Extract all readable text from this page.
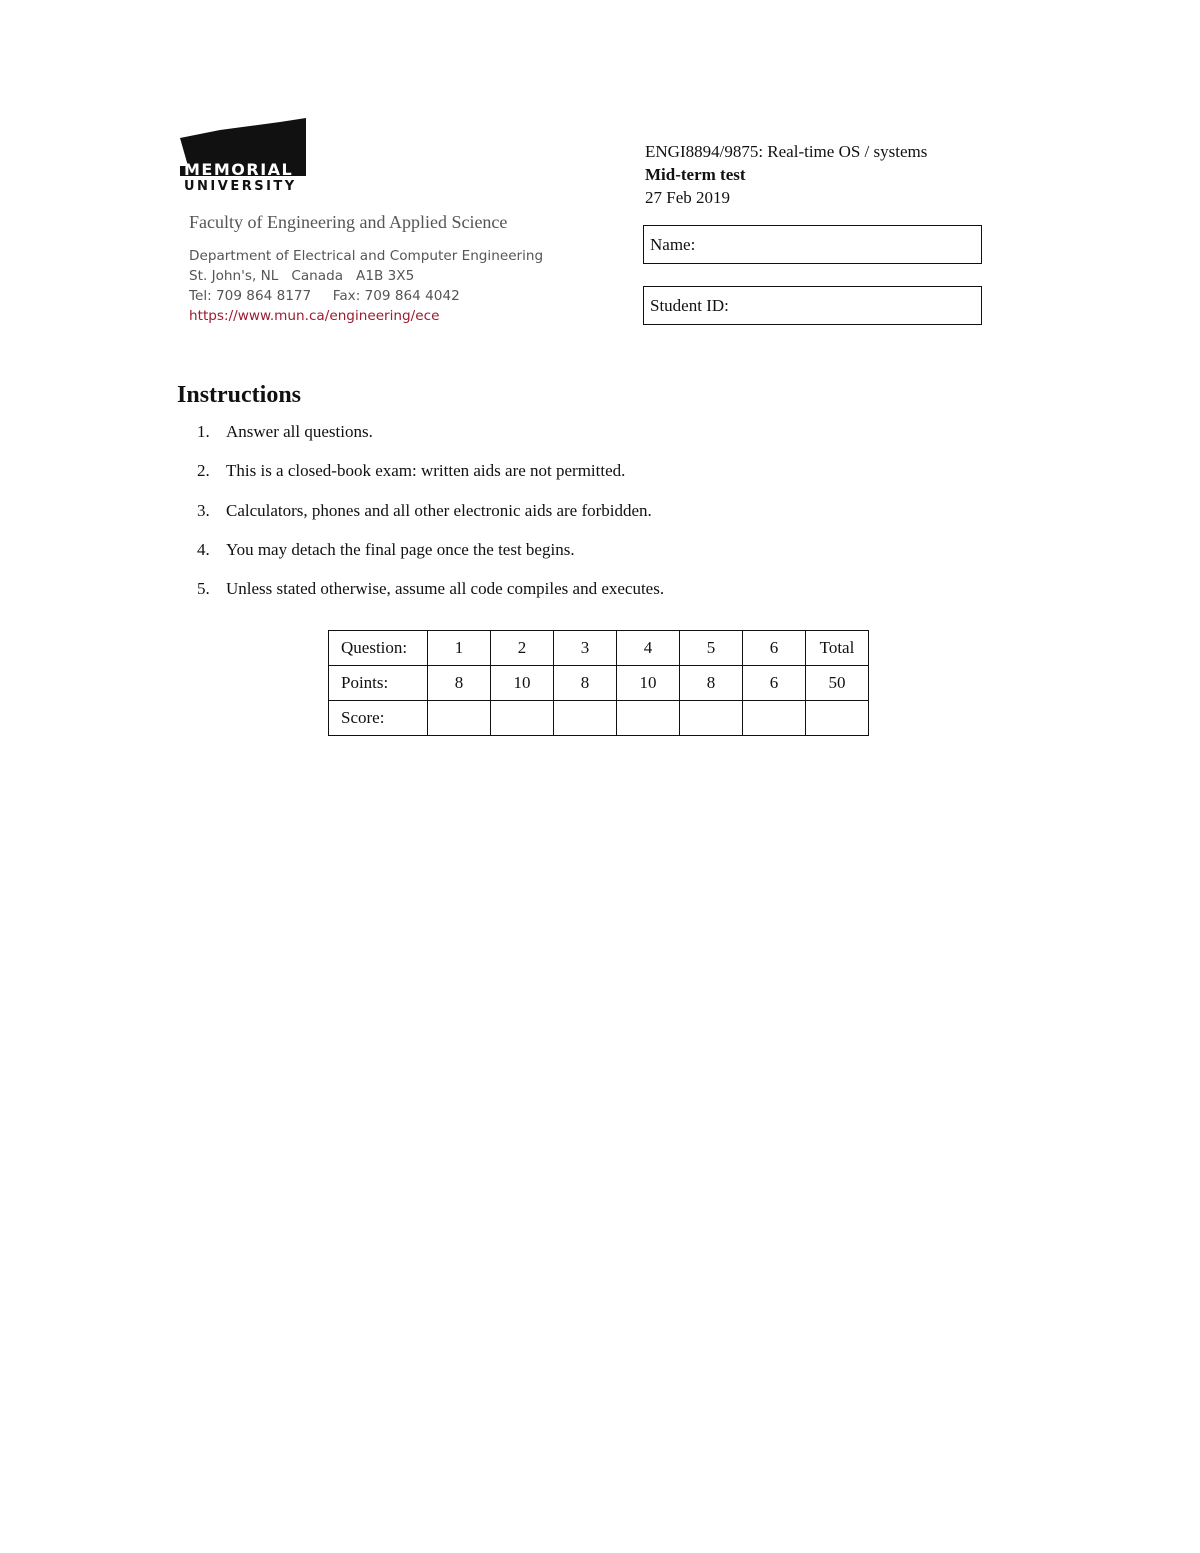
MEMORIAL
UNIVERSITY
Faculty of Engineering and Applied Science
Department of Electrical and Computer Engineering
St. John's, NL   Canada   A1B 3X5
Tel: 709 864 8177     Fax: 709 864 4042
https://www.mun.ca/engineering/ece
ENGI8894/9875: Real-time OS / systems
Mid-term test
27 Feb 2019
Name:
Student ID:
Instructions
1. Answer all questions.
2. This is a closed-book exam: written aids are not permitted.
3. Calculators, phones and all other electronic aids are forbidden.
4. You may detach the final page once the test begins.
5. Unless stated otherwise, assume all code compiles and executes.
Question:	1	2	3	4	5	6	Total
Points:	8	10	8	10	8	6	50
Score:							
